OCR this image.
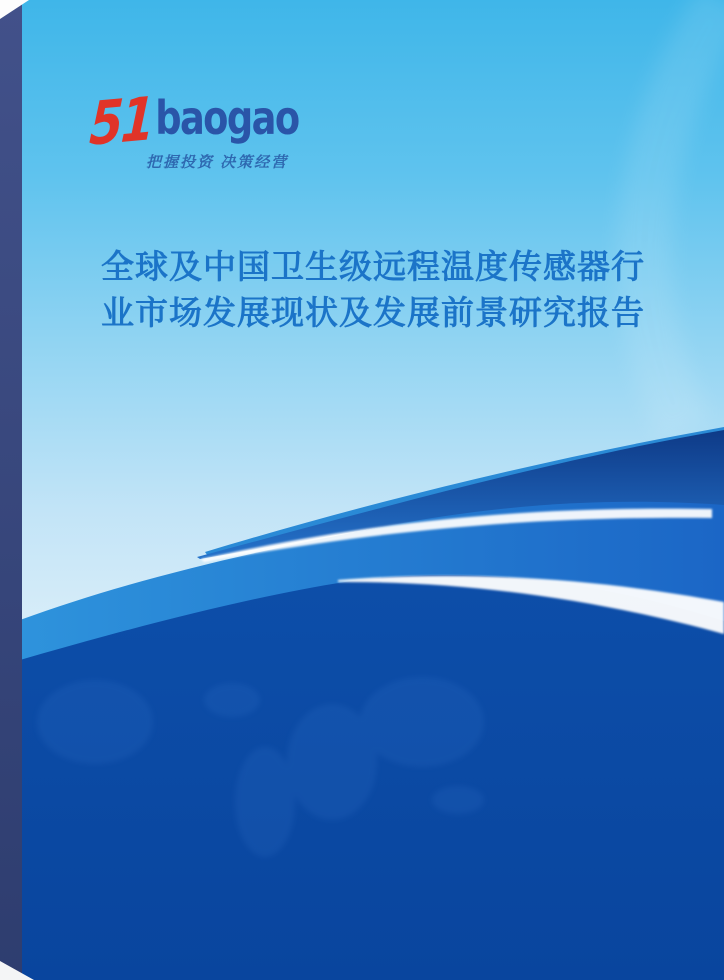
51 baogao
把握投资 决策经营
全球及中国卫生级远程温度传感器行
业市场发展现状及发展前景研究报告
